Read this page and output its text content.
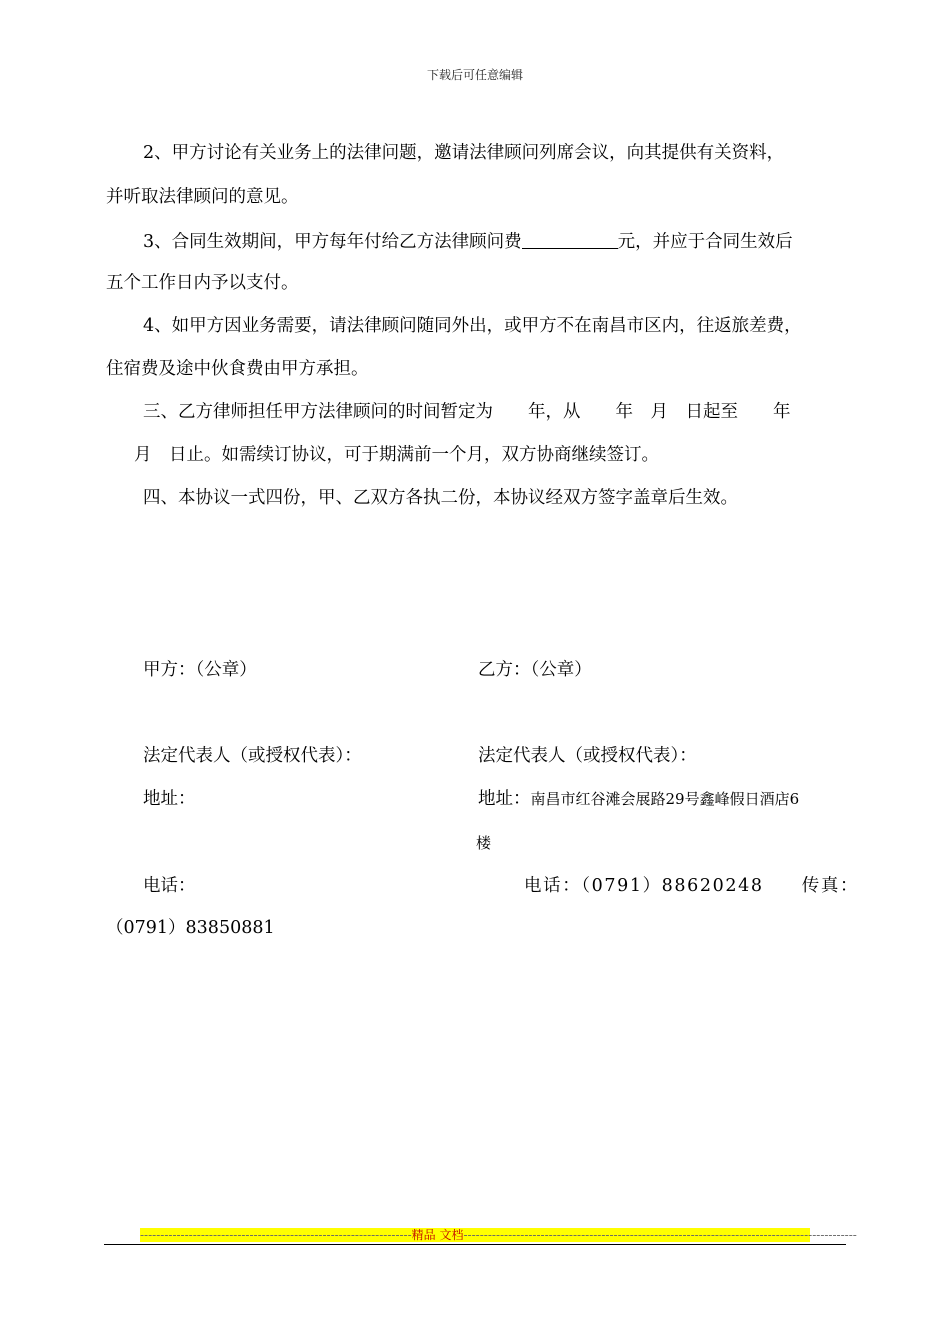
下载后可任意编辑
2、甲方讨论有关业务上的法律问题，邀请法律顾问列席会议，向其提供有关资料，
并听取法律顾问的意见。
3、合同生效期间，甲方每年付给乙方法律顾问费	元，并应于合同生效后
五个工作日内予以支付。
4、如甲方因业务需要，请法律顾问随同外出，或甲方不在南昌市区内，往返旅差费，
住宿费及途中伙食费由甲方承担。
三、乙方律师担任甲方法律顾问的时间暂定为　　年，从　　年　月　日起至　　年
月　日止。如需续订协议，可于期满前一个月，双方协商继续签订。
四、本协议一式四份，甲、乙双方各执二份，本协议经双方签字盖章后生效。
甲方：（公章）	乙方：（公章）
法定代表人（或授权代表）：	法定代表人（或授权代表）：
地址：	地址：南昌市红谷滩会展路29号鑫峰假日酒店6
楼
电话：	电话：（0791）88620248　　传真：
（0791）83850881
-------------------------------------------------------------------精品 文档-------------------------------------------------------------------------------------------------
